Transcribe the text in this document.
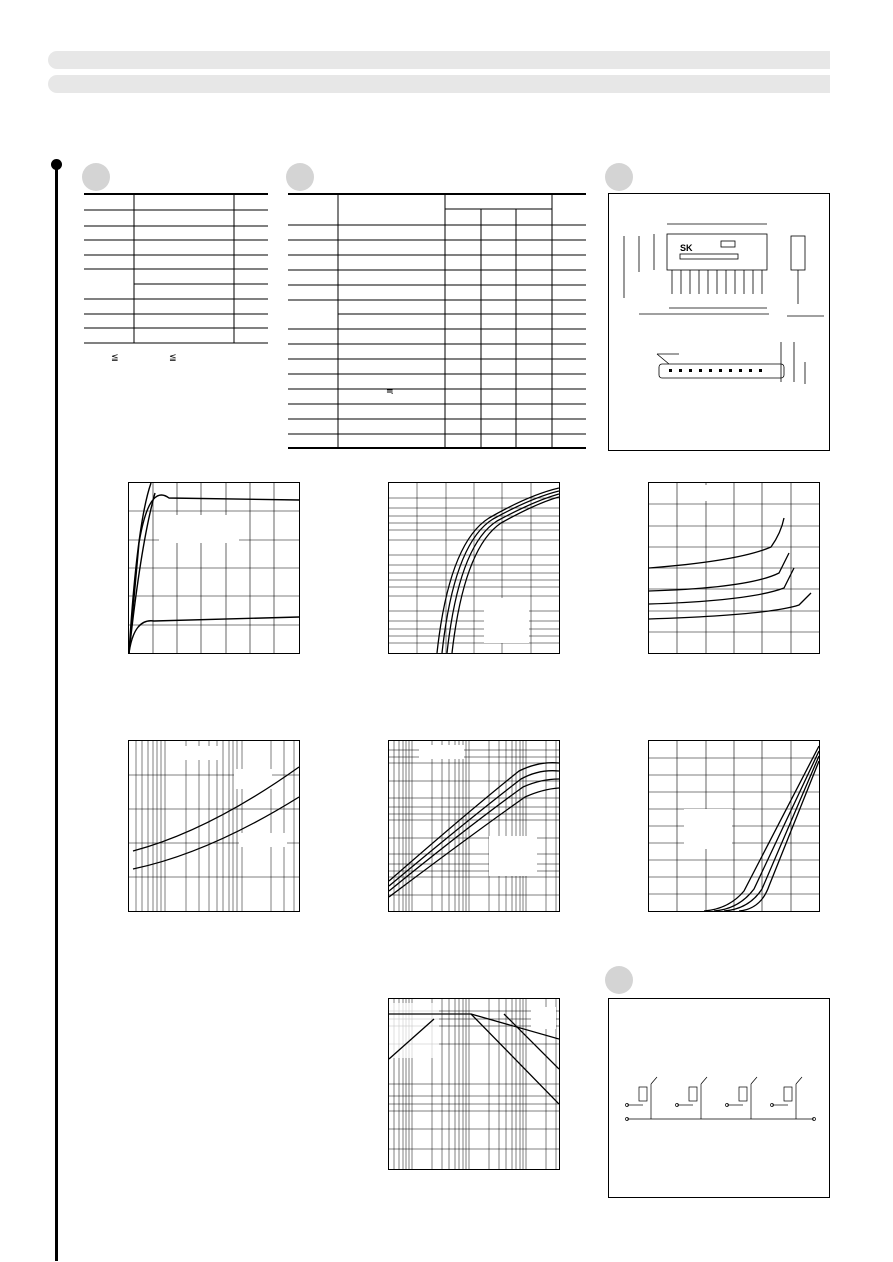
≦	≦
≒
SK
